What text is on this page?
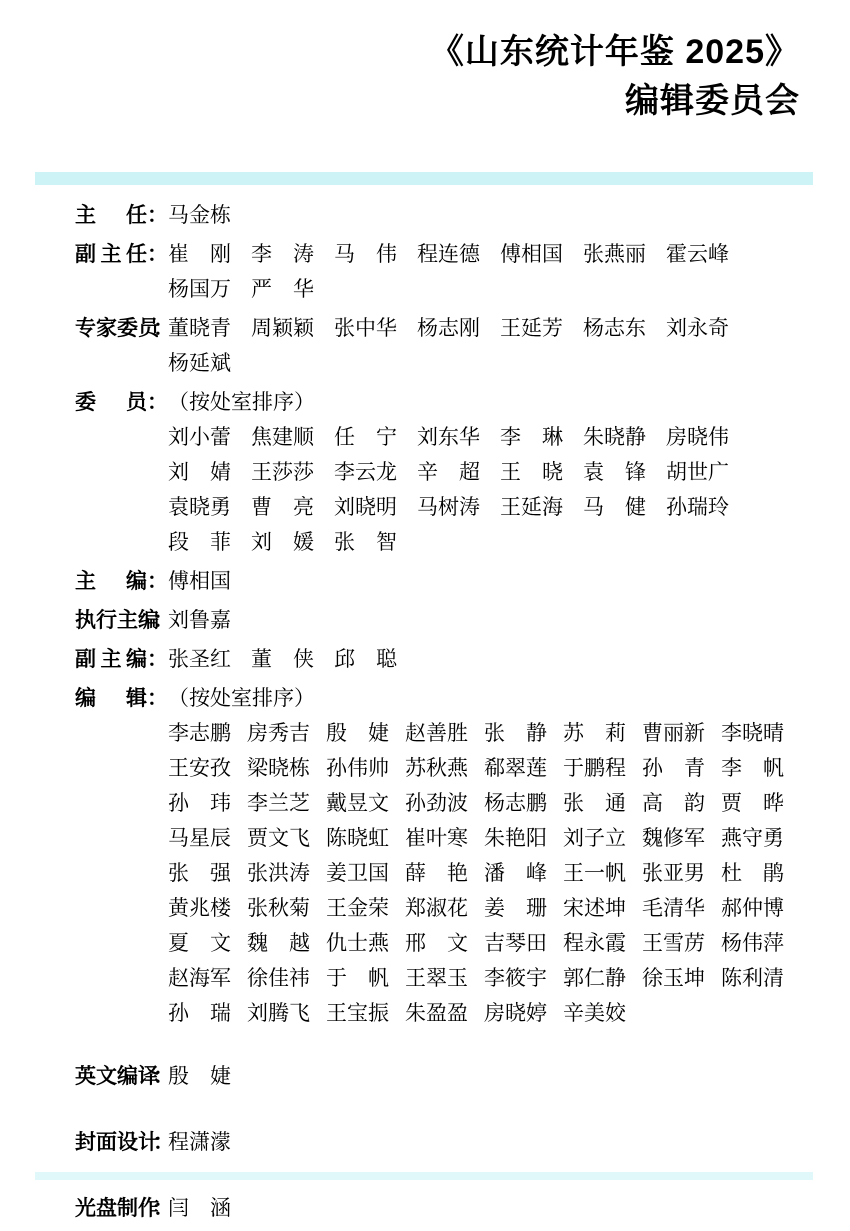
《山东统计年鉴 2025》
编辑委员会
主任 ： 马金栋
副主任 ： 崔刚 李涛 马伟 程连德 傅相国 张燕丽 霍云峰
杨国万 严华
专家委员
：
董晓青 周颖颖 张中华 杨志刚 王延芳 杨志东 刘永奇
杨延斌
委员 ： （按处室排序）
刘小蕾 焦建顺 任宁 刘东华 李琳 朱晓静 房晓伟
刘婧 王莎莎 李云龙 辛超 王晓 袁锋 胡世广
袁晓勇 曹亮 刘晓明 马树涛 王延海 马健 孙瑞玲
段菲 刘媛 张智
主编 ： 傅相国
执行主编
：
刘鲁嘉
副主编 ： 张圣红 董侠 邱聪
编辑 ： （按处室排序）
李志鹏 房秀吉 殷婕 赵善胜 张静 苏莉 曹丽新 李晓晴
王安孜 梁晓栋 孙伟帅 苏秋燕 郗翠莲 于鹏程 孙青 李帆
孙玮 李兰芝 戴昱文 孙劲波 杨志鹏 张通 高韵 贾晔
马星辰 贾文飞 陈晓虹 崔叶寒 朱艳阳 刘子立 魏修军 燕守勇
张强 张洪涛 姜卫国 薛艳 潘峰 王一帆 张亚男 杜鹃
黄兆楼 张秋菊 王金荣 郑淑花 姜珊 宋述坤 毛清华 郝仲博
夏文 魏越 仇士燕 邢文 吉琴田 程永霞 王雪苈 杨伟萍
赵海军 徐佳祎 于帆 王翠玉 李筱宇 郭仁静 徐玉坤 陈利清
孙瑞 刘腾飞 王宝振 朱盈盈 房晓婷 辛美姣
英文编译
：
殷婕
封面设计
：
程潇濛
光盘制作
：
闫涵
